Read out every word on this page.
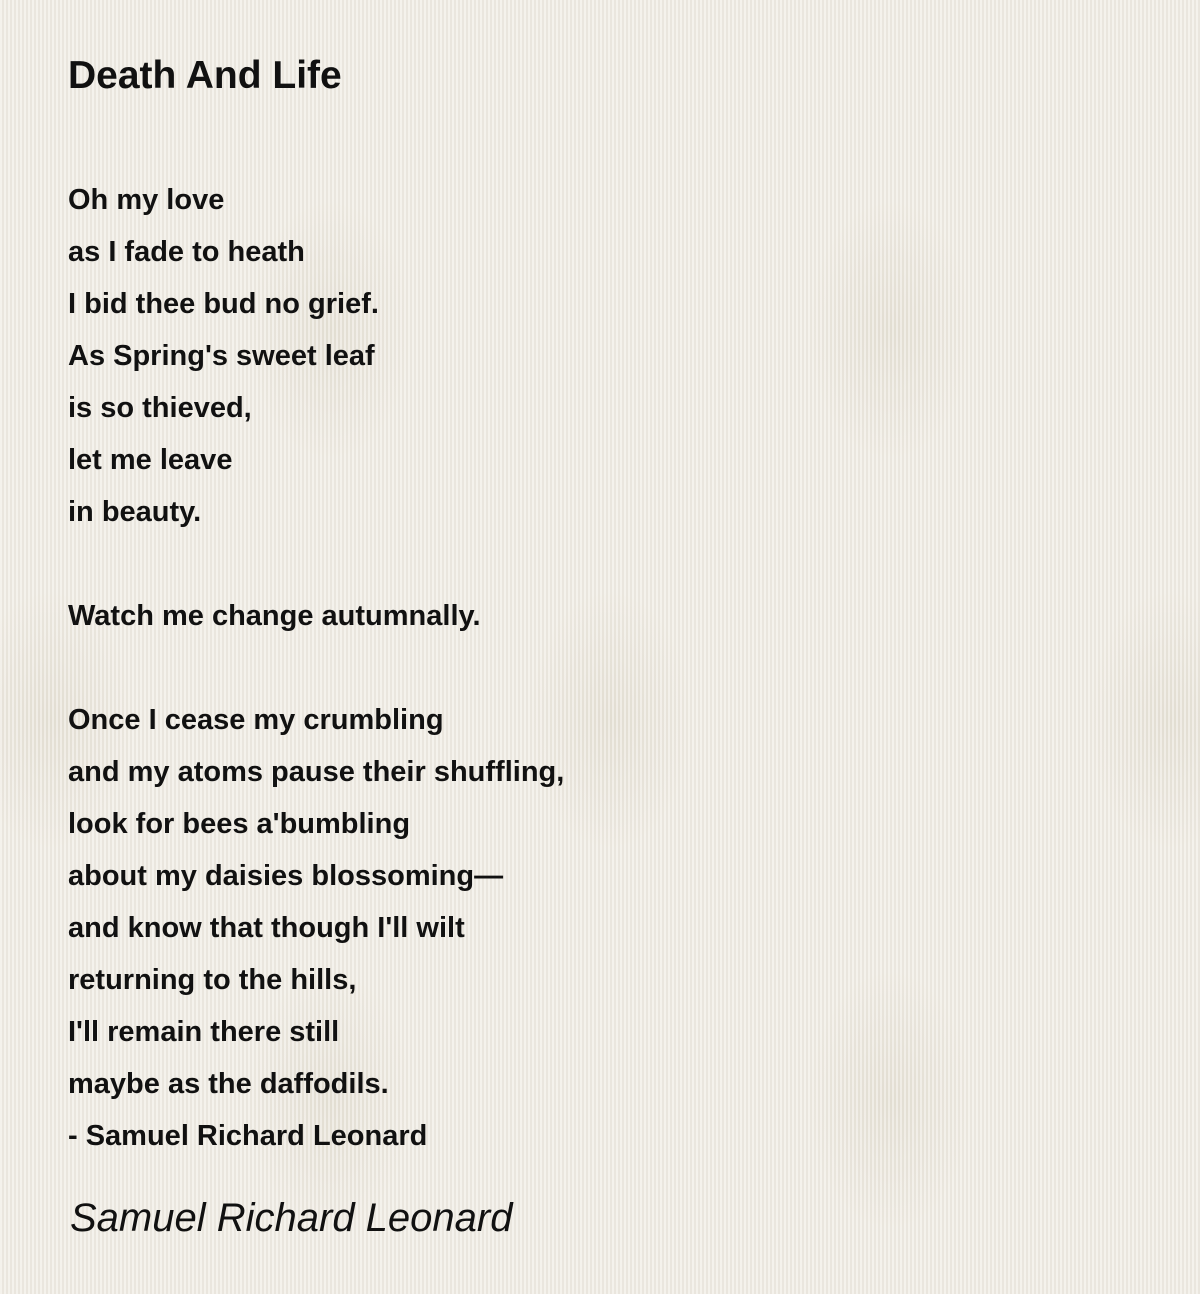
Death And Life
Oh my love
as I fade to heath
I bid thee bud no grief.
As Spring's sweet leaf
is so thieved,
let me leave
in beauty.
Watch me change autumnally.
Once I cease my crumbling
and my atoms pause their shuffling,
look for bees a'bumbling
about my daisies blossoming—
and know that though I'll wilt
returning to the hills,
I'll remain there still
maybe as the daffodils.
- Samuel Richard Leonard
Samuel Richard Leonard
